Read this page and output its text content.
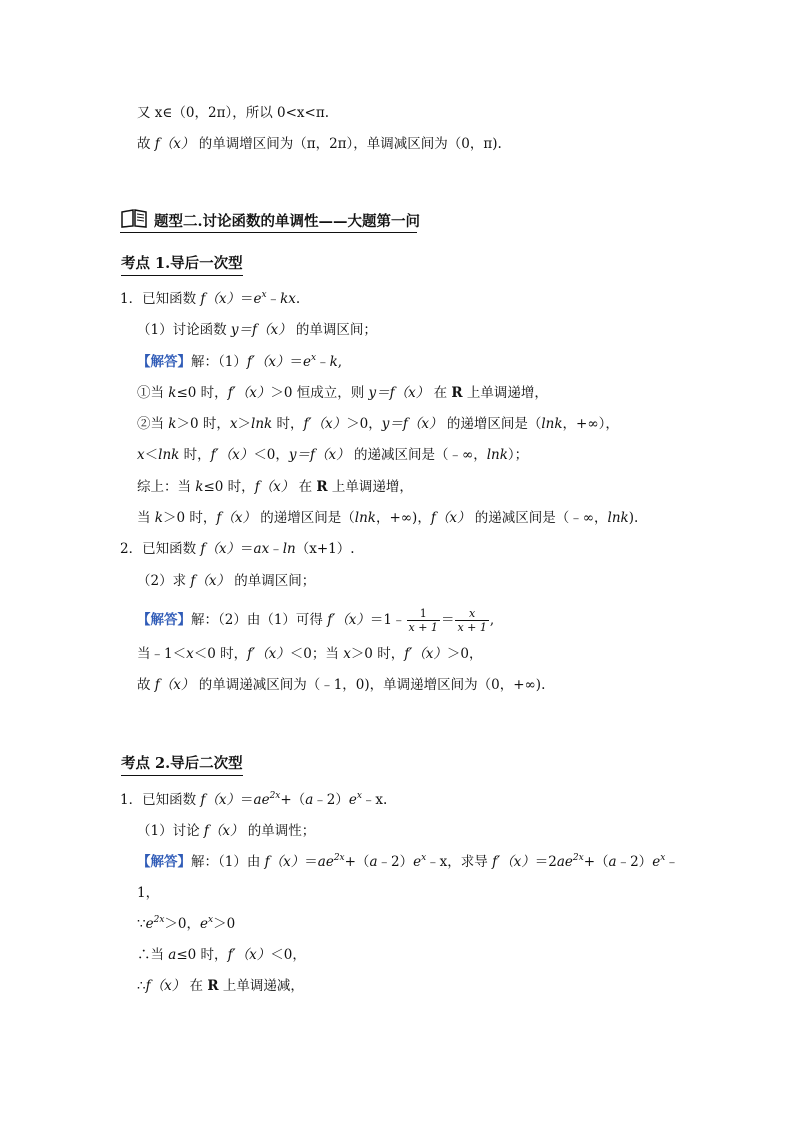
又 x∈（0，2π），所以 0<x<π.
故 f（x） 的单调增区间为（π，2π），单调减区间为（0，π).
题型二.讨论函数的单调性——大题第一问
考点 1.导后一次型
1．已知函数 $f(x)=e^x﹣kx$.
（1）讨论函数 y＝f（x） 的单调区间；
【解答】解：$(1)f'(x)=e^x﹣k$,
①当 k≤0 时，f′（x）＞0 恒成立，则 y＝f（x） 在 R 上单调递增，
②当 k＞0 时，x＞lnk 时，f′（x）＞0，y＝f（x） 的递增区间是（lnk，+∞），
x＜lnk 时，f′（x）＜0，y＝f（x） 的递减区间是（﹣∞，lnk）；
综上：当 k≤0 时，f（x） 在 R 上单调递增，
当 k＞0 时，f（x） 的递增区间是（lnk，+∞)，f（x） 的递减区间是（﹣∞，lnk).
2．已知函数 f（x）＝ax﹣ln（x+1）.
（2）求 f（x） 的单调区间；
【解答】解：（2）由（1）可得 f′（x）＝1﹣ $\frac{1}{x + 1} = \frac{x}{x + 1}$ ,
当﹣1＜x＜0 时，f′（x）＜0；当 x＞0 时，f′（x）＞0，
故 f（x） 的单调递减区间为（﹣1，0)，单调递增区间为（0，+∞).
考点 2.导后二次型
1．已知函数 $f(x)=ae^{2x}+(a﹣2)e^x﹣x$.
（1）讨论 f（x） 的单调性；
【解答】解：（1）由 $f(x)=ae^{2x}+(a﹣2)e^x﹣x$，求导 $f'(x)=2ae^{2x}+(a﹣2)e^x﹣$
1，
$\because e^{2x}>0$，$e^x>0$
∴当 a≤0 时，f′（x）＜0，
∴f（x） 在 R 上单调递减，
